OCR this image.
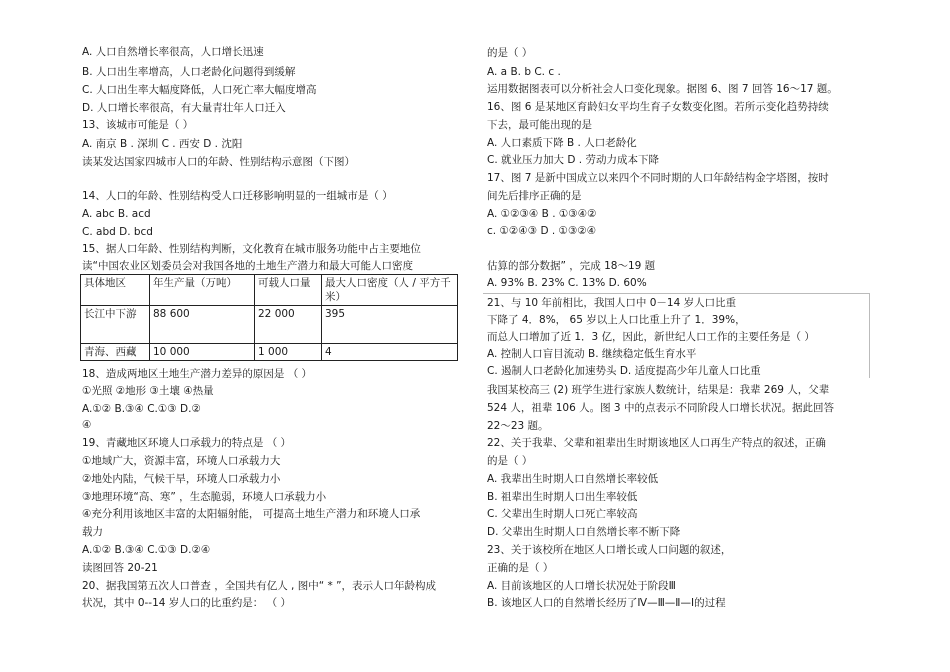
A. 人口自然增长率很高，人口增长迅速
B. 人口出生率增高，人口老龄化问题得到缓解
C. 人口出生率大幅度降低，人口死亡率大幅度增高
D. 人口增长率很高，有大量青壮年人口迁入
13、该城市可能是（ ）
A. 南京 B . 深圳 C . 西安 D . 沈阳
读某发达国家四城市人口的年龄、性别结构示意图（下图）
14、人口的年龄、性别结构受人口迁移影响明显的一组城市是（ ）
A. abc B. acd
C. abd D. bcd
15、据人口年龄、性别结构判断，文化教育在城市服务功能中占主要地位
读“中国农业区划委员会对我国各地的土地生产潜力和最大可能人口密度
具体地区	年生产量（万吨）	可载人口量	最大人口密度（人 / 平方千米）
长江中下游	88 600	22 000	395
青海、西藏	10 000	1 000	4
18、造成两地区土地生产潜力差异的原因是 （ ）
①光照 ②地形 ③土壤 ④热量
A.①② B.③④ C.①③ D.②
④
19、青藏地区环境人口承载力的特点是 （ ）
①地域广大，资源丰富，环境人口承载力大
②地处内陆，气候干旱，环境人口承载力小
③地理环境“高、寒” ，生态脆弱，环境人口承载力小
④充分利用该地区丰富的太阳辐射能， 可提高土地生产潜力和环境人口承
载力
A.①② B.③④ C.①③ D.②④
读图回答 20-21
20、据我国第五次人口普查 ，全国共有亿人 , 图中“ * ”，表示人口年龄构成
状况，其中 0--14 岁人口的比重约是： （ ）
的是（ ）
A. a B. b C. c .
运用数据图表可以分析社会人口变化现象。据图 6、图 7 回答 16～17 题。
16、图 6 是某地区育龄妇女平均生育子女数变化图。若所示变化趋势持续
下去，最可能出现的是
A. 人口素质下降 B . 人口老龄化
C. 就业压力加大 D . 劳动力成本下降
17、图 7 是新中国成立以来四个不同时期的人口年龄结构金字塔图，按时
间先后排序正确的是
A. ①②③④ B . ①③④②
c. ①②④③ D . ①③②④
估算的部分数据” ，完成 18～19 题
A. 93% B. 23% C. 13% D. 60%
21、与 10 年前相比，我国人口中 0－14 岁人口比重
下降了 4．8%， 65 岁以上人口比重上升了 1．39%，
而总人口增加了近 1．3 亿，因此，新世纪人口工作的主要任务是（ ）
A. 控制人口盲目流动 B. 继续稳定低生育水平
C. 遏制人口老龄化加速势头 D. 适度提高少年儿童人口比重
我国某校高三 (2) 班学生进行家族人数统计，结果是：我辈 269 人，父辈
524 人，祖辈 106 人。图 3 中的点表示不同阶段人口增长状况。据此回答
22～23 题。
22、关于我辈、父辈和祖辈出生时期该地区人口再生产特点的叙述，正确
的是（ ）
A. 我辈出生时期人口自然增长率较低
B. 祖辈出生时期人口出生率较低
C. 父辈出生时期人口死亡率较高
D. 父辈出生时期人口自然增长率不断下降
23、关于该校所在地区人口增长或人口问题的叙述，
正确的是（ ）
A. 目前该地区的人口增长状况处于阶段Ⅲ
B. 该地区人口的自然增长经历了Ⅳ—Ⅲ—Ⅱ—Ⅰ的过程
